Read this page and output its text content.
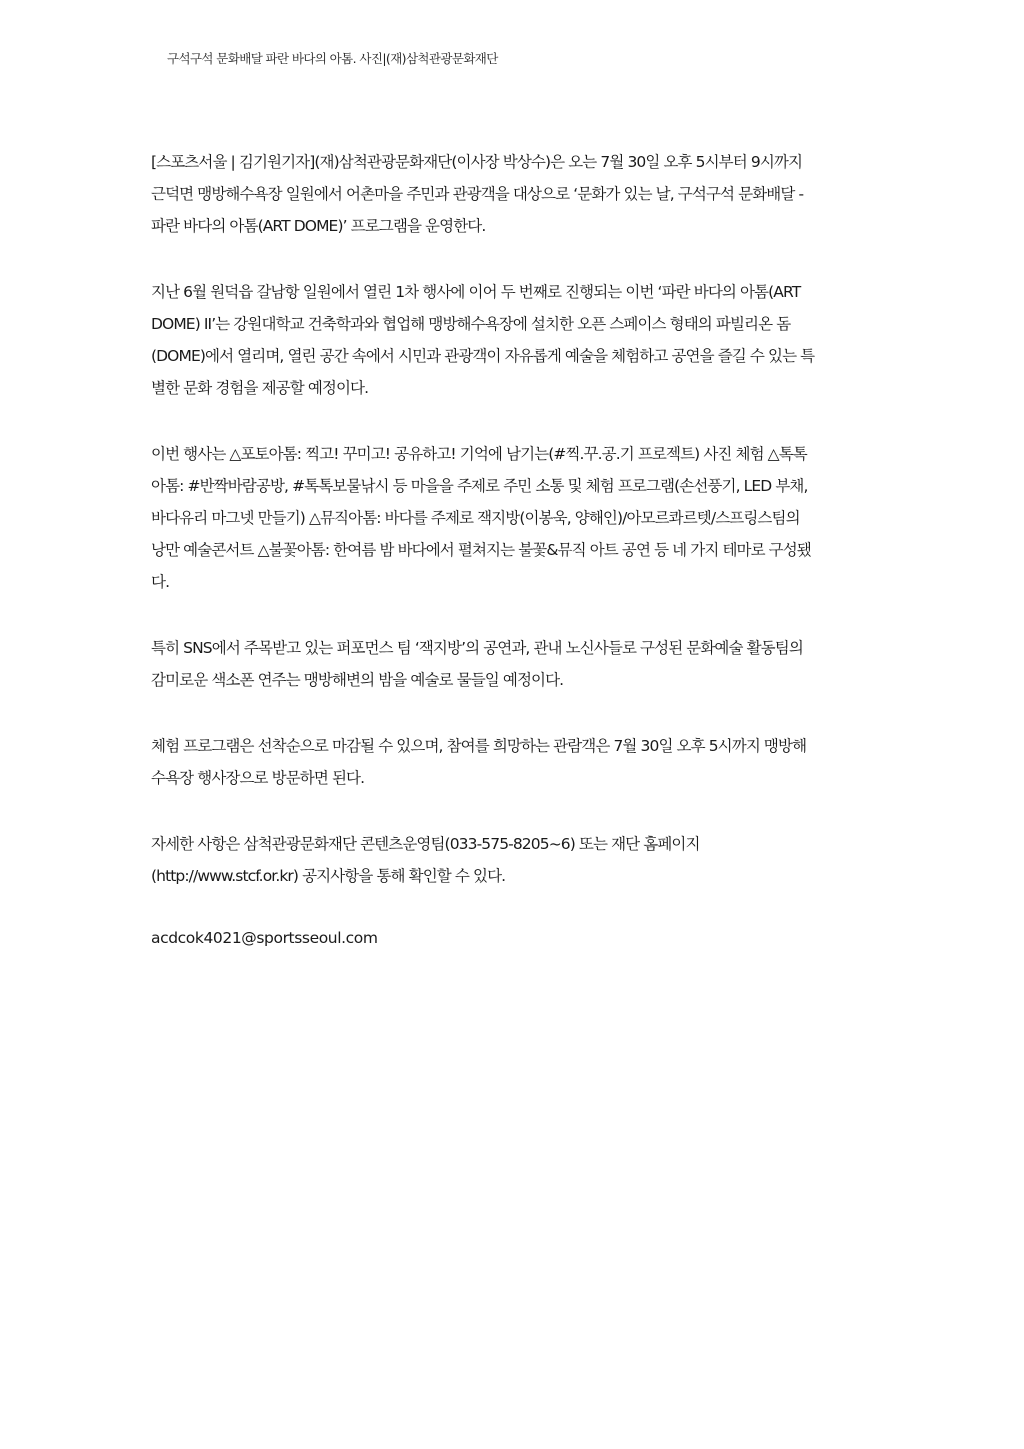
구석구석 문화배달 파란 바다의 아톰. 사진|(재)삼척관광문화재단
[스포츠서울 | 김기원기자](재)삼척관광문화재단(이사장 박상수)은 오는 7월 30일 오후 5시부터 9시까지
근덕면 맹방해수욕장 일원에서 어촌마을 주민과 관광객을 대상으로 ‘문화가 있는 날, 구석구석 문화배달 -
파란 바다의 아톰(ART DOME)’ 프로그램을 운영한다.
지난 6월 원덕읍 갈남항 일원에서 열린 1차 행사에 이어 두 번째로 진행되는 이번 ‘파란 바다의 아톰(ART
DOME) II’는 강원대학교 건축학과와 협업해 맹방해수욕장에 설치한 오픈 스페이스 형태의 파빌리온 돔
(DOME)에서 열리며, 열린 공간 속에서 시민과 관광객이 자유롭게 예술을 체험하고 공연을 즐길 수 있는 특
별한 문화 경험을 제공할 예정이다.
이번 행사는 △포토아톰: 찍고! 꾸미고! 공유하고! 기억에 남기는(#찍.꾸.공.기 프로젝트) 사진 체험 △톡톡
아톰: #반짝바람공방, #톡톡보물낚시 등 마을을 주제로 주민 소통 및 체험 프로그램(손선풍기, LED 부채,
바다유리 마그넷 만들기) △뮤직아톰: 바다를 주제로 잭지방(이봉욱, 양해인)/아모르콰르텟/스프링스팀의
낭만 예술콘서트 △불꽃아톰: 한여름 밤 바다에서 펼쳐지는 불꽃&뮤직 아트 공연 등 네 가지 테마로 구성됐
다.
특히 SNS에서 주목받고 있는 퍼포먼스 팀 ‘잭지방’의 공연과, 관내 노신사들로 구성된 문화예술 활동팀의
감미로운 색소폰 연주는 맹방해변의 밤을 예술로 물들일 예정이다.
체험 프로그램은 선착순으로 마감될 수 있으며, 참여를 희망하는 관람객은 7월 30일 오후 5시까지 맹방해
수욕장 행사장으로 방문하면 된다.
자세한 사항은 삼척관광문화재단 콘텐츠운영팀(033-575-8205~6) 또는 재단 홈페이지
(http://www.stcf.or.kr) 공지사항을 통해 확인할 수 있다.
acdcok4021@sportsseoul.com
